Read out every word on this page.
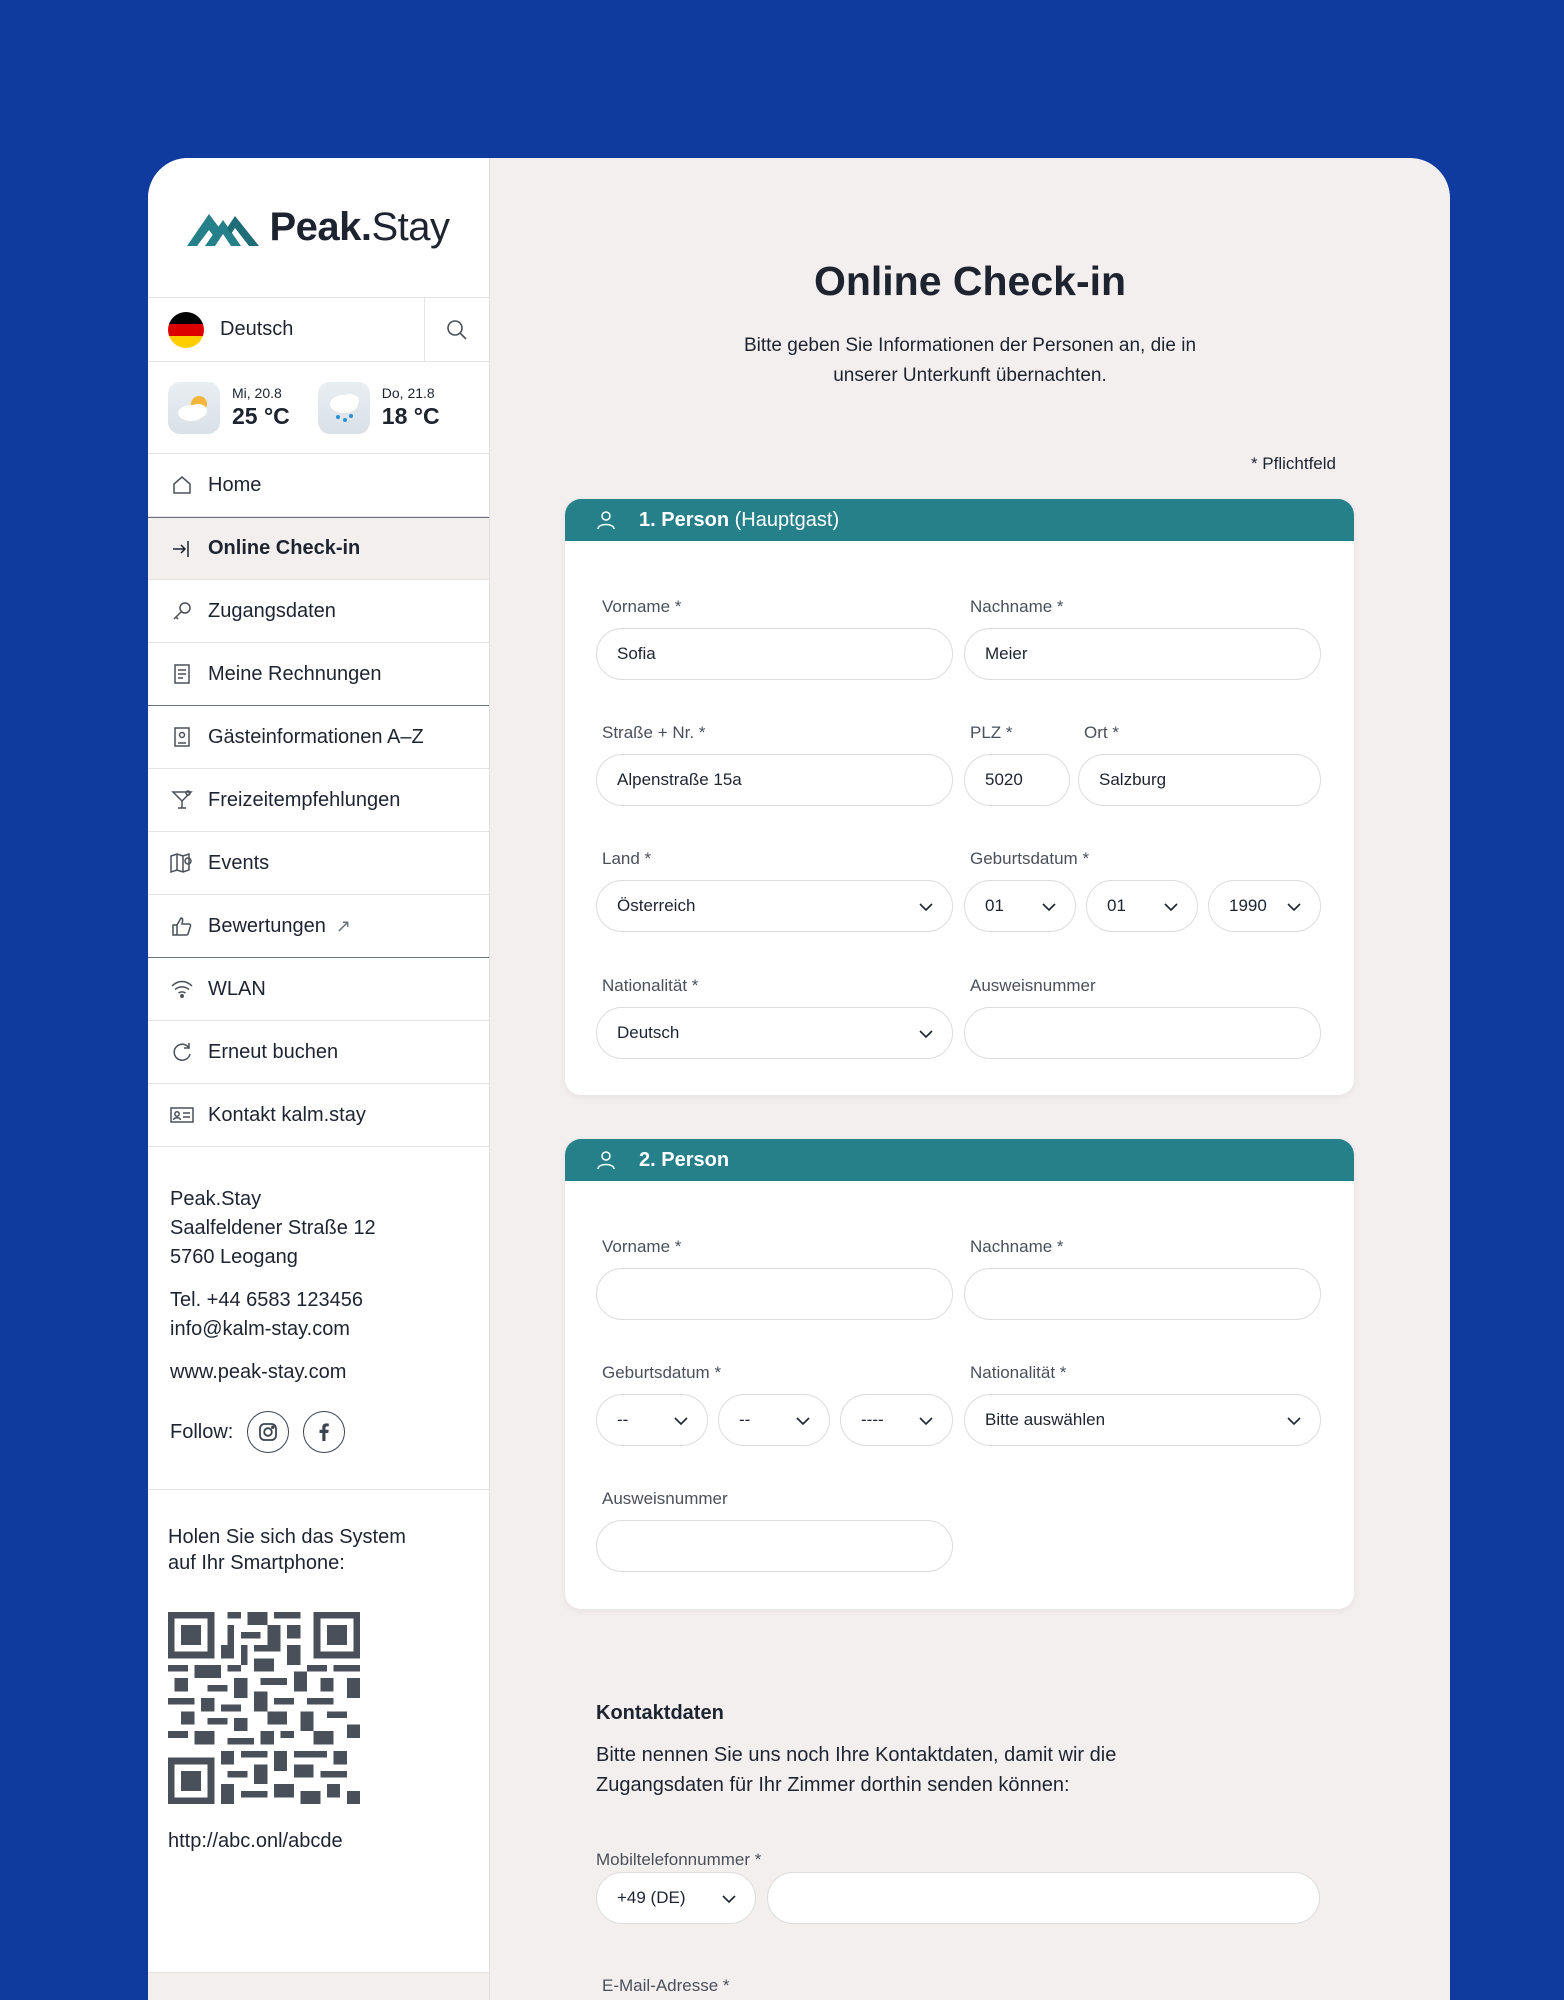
Peak.Stay
Deutsch
Mi, 20.8
25 °C
Do, 21.8
18 °C
Home
Online Check-in
Zugangsdaten
Meine Rechnungen
Gästeinformationen A–Z
Freizeitempfehlungen
Events
Bewertungen ↗
WLAN
Erneut buchen
Kontakt kalm.stay
Peak.Stay
Saalfeldener Straße 12
5760 Leogang
Tel. +44 6583 123456
info@kalm-stay.com
www.peak-stay.com
Follow:
Holen Sie sich das System
auf Ihr Smartphone:
http://abc.onl/abcde
Online Check-in

Bitte geben Sie Informationen der Personen an, die in unserer Unterkunft übernachten.

* Pflichtfeld
1. Person (Hauptgast)
Vorname *
Sofia
Nachname *
Meier
Straße + Nr. *
Alpenstraße 15a
PLZ *
5020
Ort *
Salzburg
Land *
Österreich
Geburtsdatum *
01	01	1990
Nationalität *
Deutsch
Ausweisnummer
2. Person
Vorname *	Nachname *
Geburtsdatum *
--	--	----
Nationalität *
Bitte auswählen
Ausweisnummer
Kontaktdaten

Bitte nennen Sie uns noch Ihre Kontaktdaten, damit wir die Zugangsdaten für Ihr Zimmer dorthin senden können:

Mobiltelefonnummer *
+49 (DE)
E-Mail-Adresse *
